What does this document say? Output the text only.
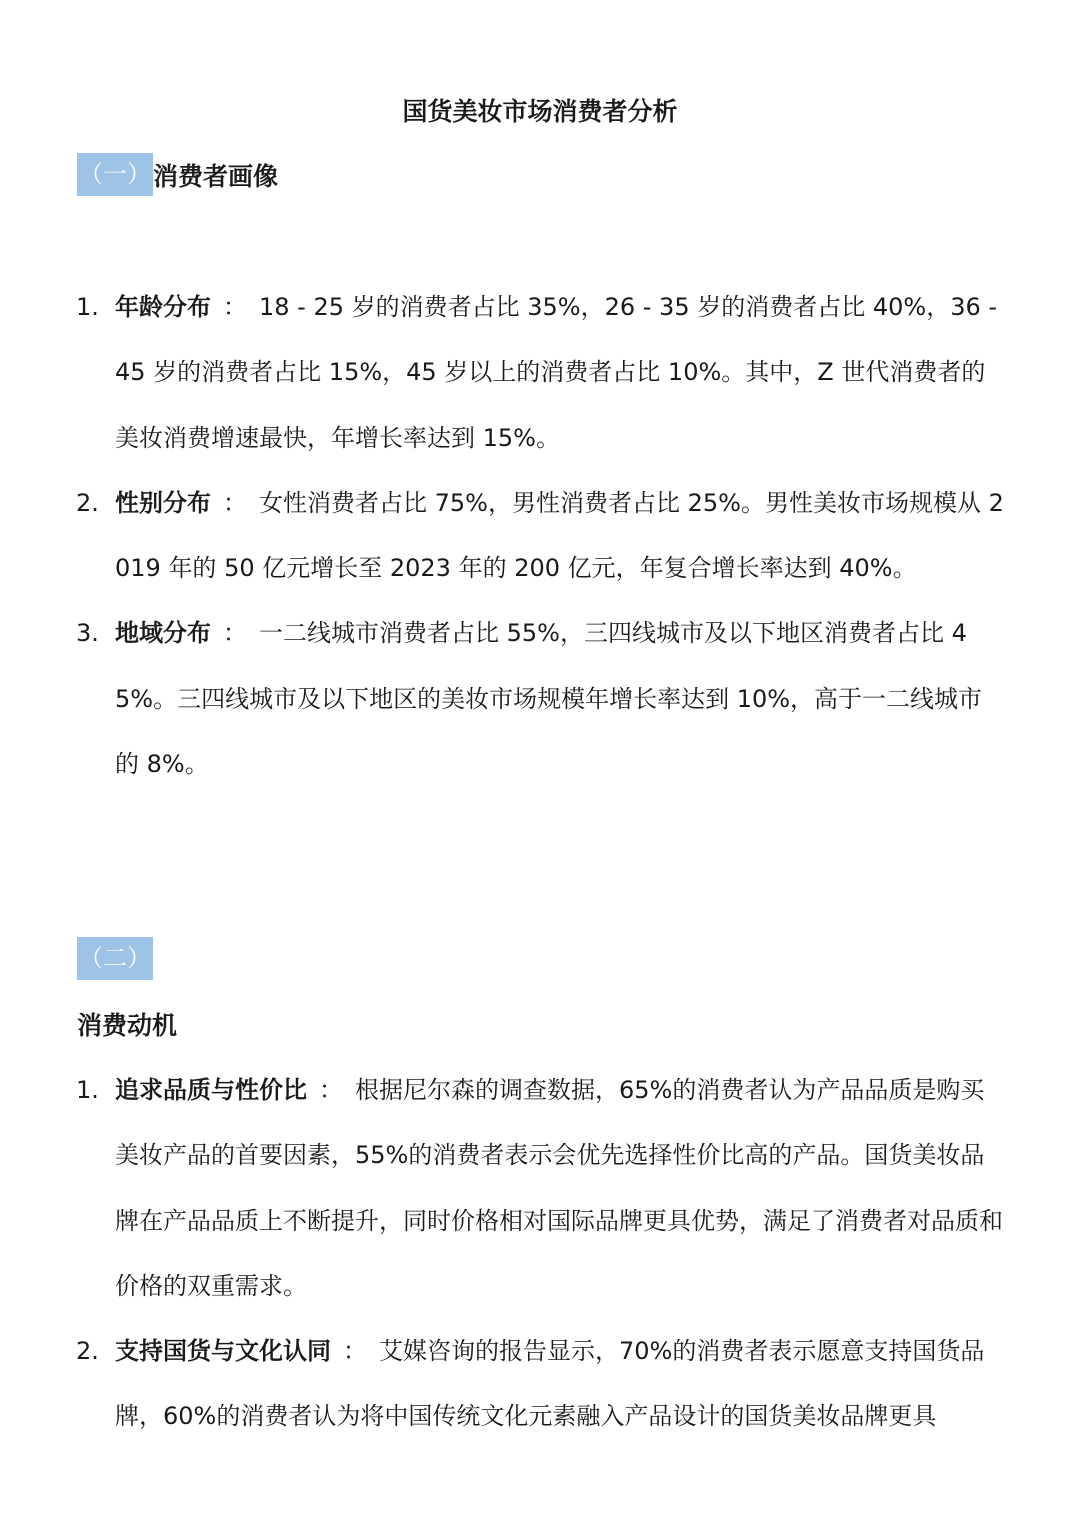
国货美妆市场消费者分析
（一） 消费者画像
1. 年龄分布 ： 18 - 25 岁的消费者占比 35%，26 - 35 岁的消费者占比 40%，36 - 45 岁的消费者占比 15%，45 岁以上的消费者占比 10%。其中，Z 世代消费者的美妆消费增速最快，年增长率达到 15%。
2. 性别分布 ： 女性消费者占比 75%，男性消费者占比 25%。男性美妆市场规模从 2019 年的 50 亿元增长至 2023 年的 200 亿元，年复合增长率达到 40%。
3. 地域分布 ： 一二线城市消费者占比 55%，三四线城市及以下地区消费者占比 45%。三四线城市及以下地区的美妆市场规模年增长率达到 10%，高于一二线城市的 8%。
（二）
消费动机
1. 追求品质与性价比 ： 根据尼尔森的调查数据，65%的消费者认为产品品质是购买美妆产品的首要因素，55%的消费者表示会优先选择性价比高的产品。国货美妆品牌在产品品质上不断提升，同时价格相对国际品牌更具优势，满足了消费者对品质和价格的双重需求。
2. 支持国货与文化认同 ： 艾媒咨询的报告显示，70%的消费者表示愿意支持国货品牌，60%的消费者认为将中国传统文化元素融入产品设计的国货美妆品牌更具
